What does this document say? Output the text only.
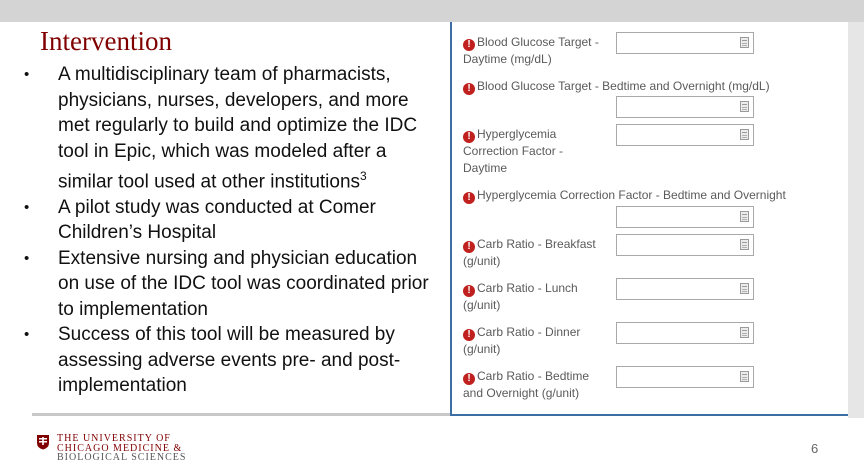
Intervention
• A multidisciplinary team of pharmacists, physicians, nurses, developers, and more met regularly to build and optimize the IDC tool in Epic, which was modeled after a similar tool used at other institutions$^3$
• A pilot study was conducted at Comer Children’s Hospital
• Extensive nursing and physician education on use of the IDC tool was coordinated prior to implementation
• Success of this tool will be measured by assessing adverse events pre- and post-implementation
! Blood Glucose Target -
Daytime (mg/dL)
! Blood Glucose Target - Bedtime and Overnight (mg/dL)
! Hyperglycemia
Correction Factor -
Daytime
! Hyperglycemia Correction Factor - Bedtime and Overnight
! Carb Ratio - Breakfast
(g/unit)
! Carb Ratio - Lunch
(g/unit)
! Carb Ratio - Dinner
(g/unit)
! Carb Ratio - Bedtime
and Overnight (g/unit)
THE UNIVERSITY OF
CHICAGO MEDICINE &
BIOLOGICAL SCIENCES
6
